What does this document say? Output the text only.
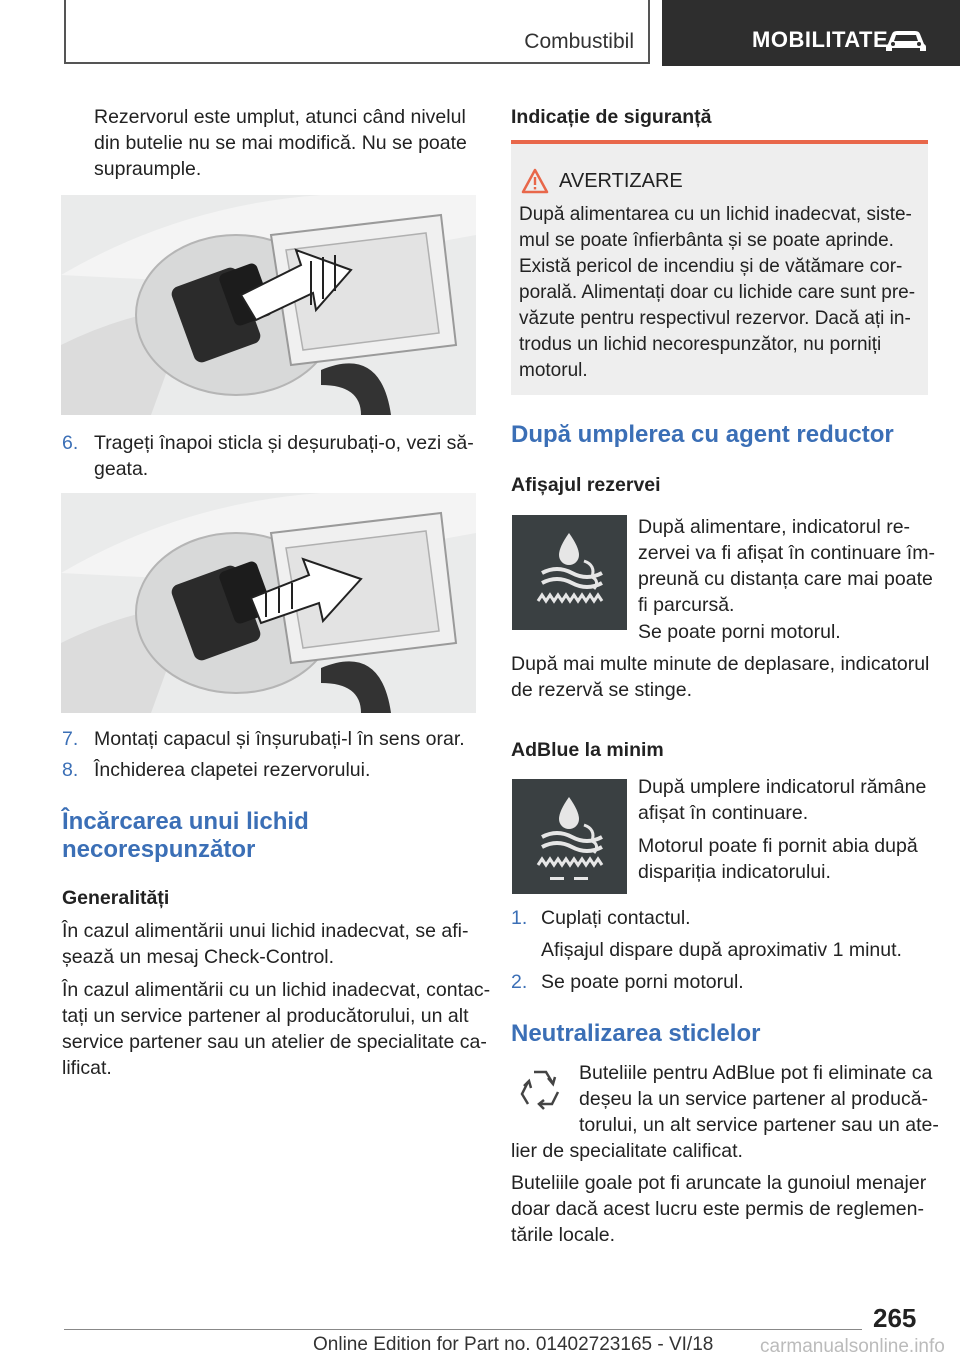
Combustibil	MOBILITATE
Rezervorul este umplut, atunci când nivelul
din butelie nu se mai modifică. Nu se poate
supraumple.
6. Trageți înapoi sticla și deșurubați-o, vezi să‐
geata.
7. Montați capacul și înșurubați-l în sens orar.
8. Închiderea clapetei rezervorului.
Încărcarea unui lichid
necorespunzător
Generalități
În cazul alimentării unui lichid inadecvat, se afi‐
șează un mesaj Check-Control.
În cazul alimentării cu un lichid inadecvat, contac‐
tați un service partener al producătorului, un alt
service partener sau un atelier de specialitate ca‐
lificat.
Indicație de siguranță
AVERTIZARE
După alimentarea cu un lichid inadecvat, siste‐
mul se poate înfierbânta și se poate aprinde.
Există pericol de incendiu și de vătămare cor‐
porală. Alimentați doar cu lichide care sunt pre‐
văzute pentru respectivul rezervor. Dacă ați in‐
trodus un lichid necorespunzător, nu porniți
motorul.
După umplerea cu agent reductor
Afișajul rezervei
După alimentare, indicatorul re‐
zervei va fi afișat în continuare îm‐
preună cu distanța care mai poate
fi parcursă.
Se poate porni motorul.
După mai multe minute de deplasare, indicatorul
de rezervă se stinge.
AdBlue la minim
După umplere indicatorul rămâne
afișat în continuare.
Motorul poate fi pornit abia după
dispariția indicatorului.
1. Cuplați contactul.
Afișajul dispare după aproximativ 1 minut.
2. Se poate porni motorul.
Neutralizarea sticlelor
Buteliile pentru AdBlue pot fi eliminate ca
deșeu la un service partener al producă‐
torului, un alt service partener sau un ate‐
lier de specialitate calificat.
Buteliile goale pot fi aruncate la gunoiul menajer
doar dacă acest lucru este permis de reglemen‐
tările locale.
265
Online Edition for Part no. 01402723165 - VI/18 carmanualsonline.info
